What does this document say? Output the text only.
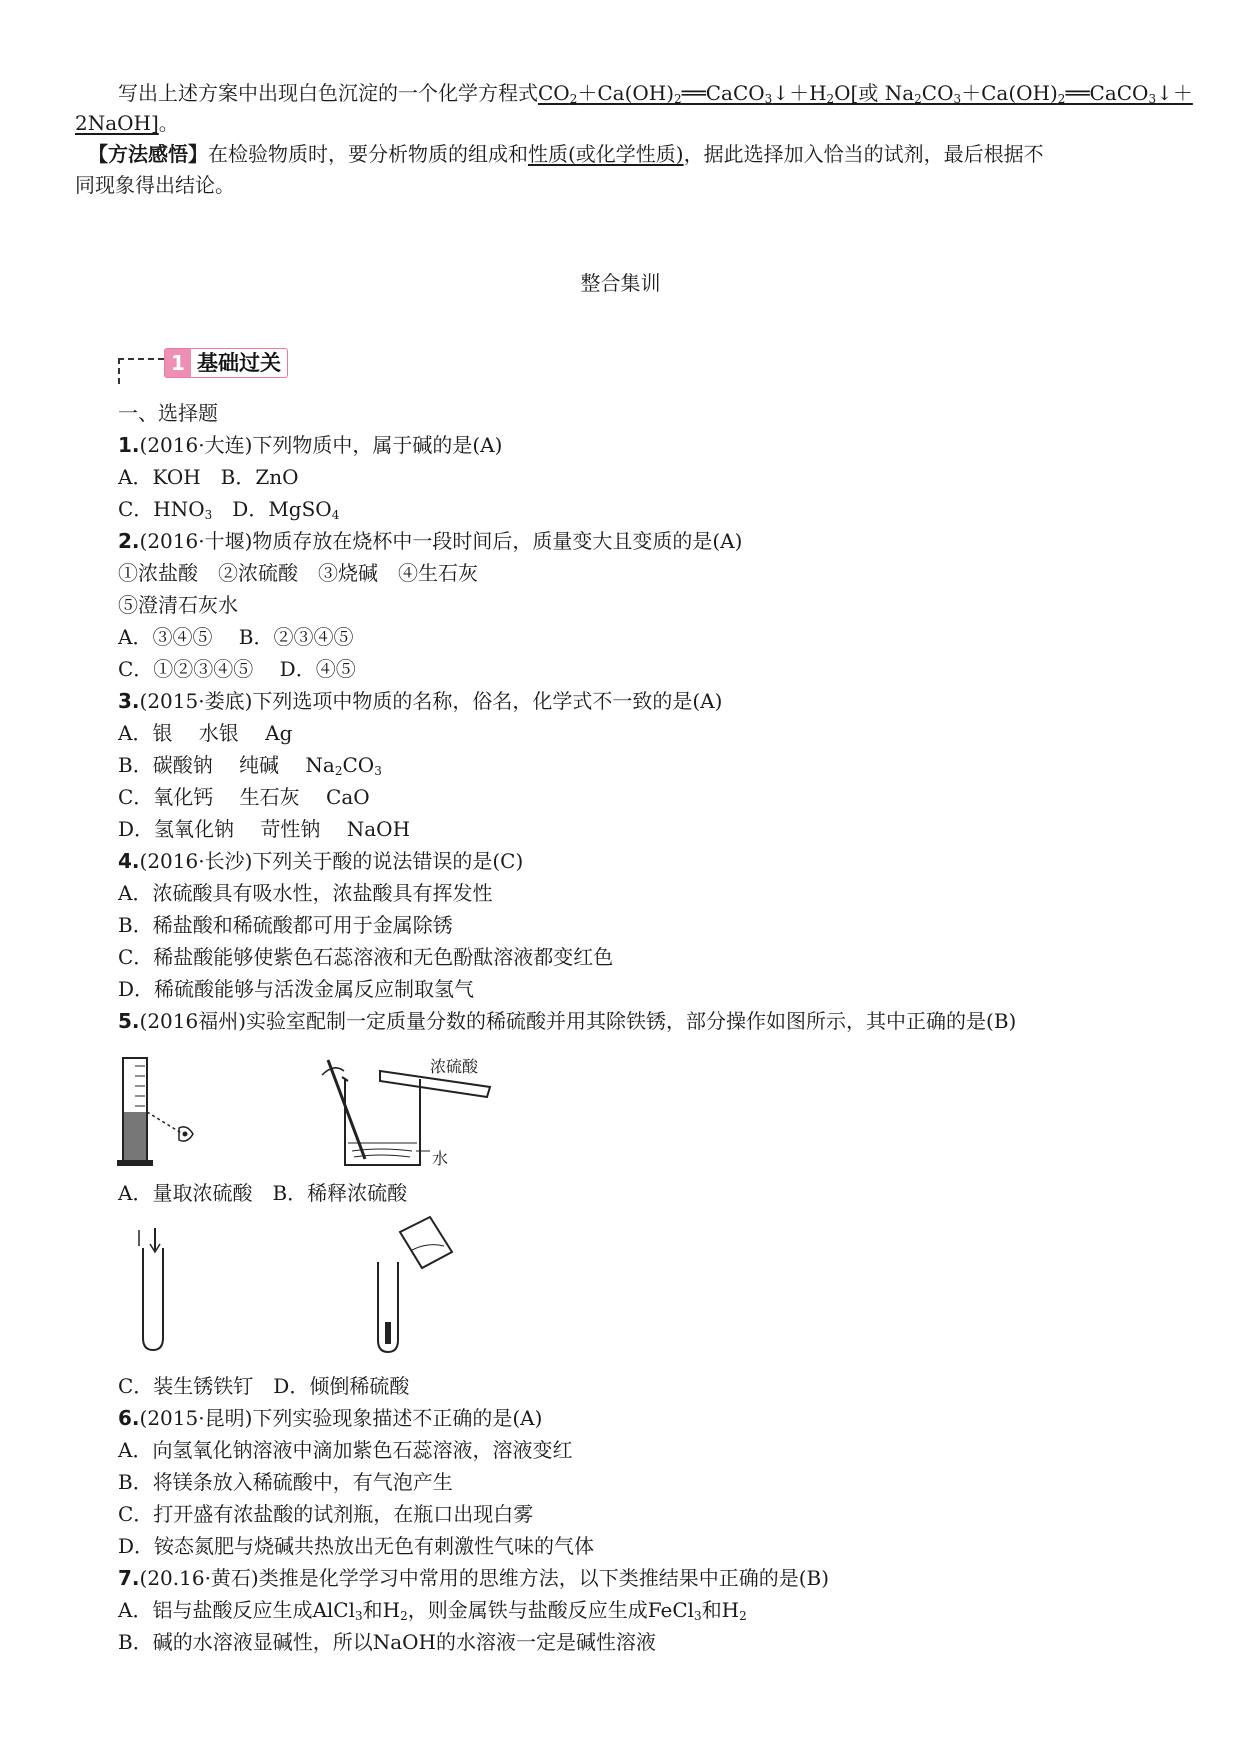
写出上述方案中出现白色沉淀的一个化学方程式$CO_2+Ca(OH)_2══CaCO_3↓+H_2O$[或 $Na_2CO_3+Ca(OH)_2══CaCO_3↓+$
2NaOH]。
【方法感悟】在检验物质时，要分析物质的组成和性质(或化学性质)，据此选择加入恰当的试剂，最后根据不
同现象得出结论。
整合集训
1 基础过关
一、选择题
1.(2016·大连)下列物质中，属于碱的是(A)
A．KOH　B．ZnO
C．$HNO_3$　D．MgSO$_4$
2.(2016·十堰)物质存放在烧杯中一段时间后，质量变大且变质的是(A)
①浓盐酸　②浓硫酸　③烧碱　④生石灰
⑤澄清石灰水
A．③④⑤　 B．②③④⑤
C．①②③④⑤　 D．④⑤
3.(2015·娄底)下列选项中物质的名称，俗名，化学式不一致的是(A)
A．银　 水银　 Ag
B．碳酸钠　 纯碱　 $Na_2CO_3$
C．氧化钙　 生石灰　 CaO
D．氢氧化钠　 苛性钠　 NaOH
4.(2016·长沙)下列关于酸的说法错误的是(C)
A．浓硫酸具有吸水性，浓盐酸具有挥发性
B．稀盐酸和稀硫酸都可用于金属除锈
C．稀盐酸能够使紫色石蕊溶液和无色酚酞溶液都变红色
D．稀硫酸能够与活泼金属反应制取氢气
5.(2016福州)实验室配制一定质量分数的稀硫酸并用其除铁锈，部分操作如图所示，其中正确的是(B)
浓硫酸
水
A．量取浓硫酸　B．稀释浓硫酸
C．装生锈铁钉　D．倾倒稀硫酸
6.(2015·昆明)下列实验现象描述不正确的是(A)
A．向氢氧化钠溶液中滴加紫色石蕊溶液，溶液变红
B．将镁条放入稀硫酸中，有气泡产生
C．打开盛有浓盐酸的试剂瓶，在瓶口出现白雾
D．铵态氮肥与烧碱共热放出无色有刺激性气味的气体
7.(20.16·黄石)类推是化学学习中常用的思维方法，以下类推结果中正确的是(B)
A．铝与盐酸反应生成AlCl$_3$和$H_2$，则金属铁与盐酸反应生成FeCl$_3$和$H_2$
B．碱的水溶液显碱性，所以NaOH的水溶液一定是碱性溶液
